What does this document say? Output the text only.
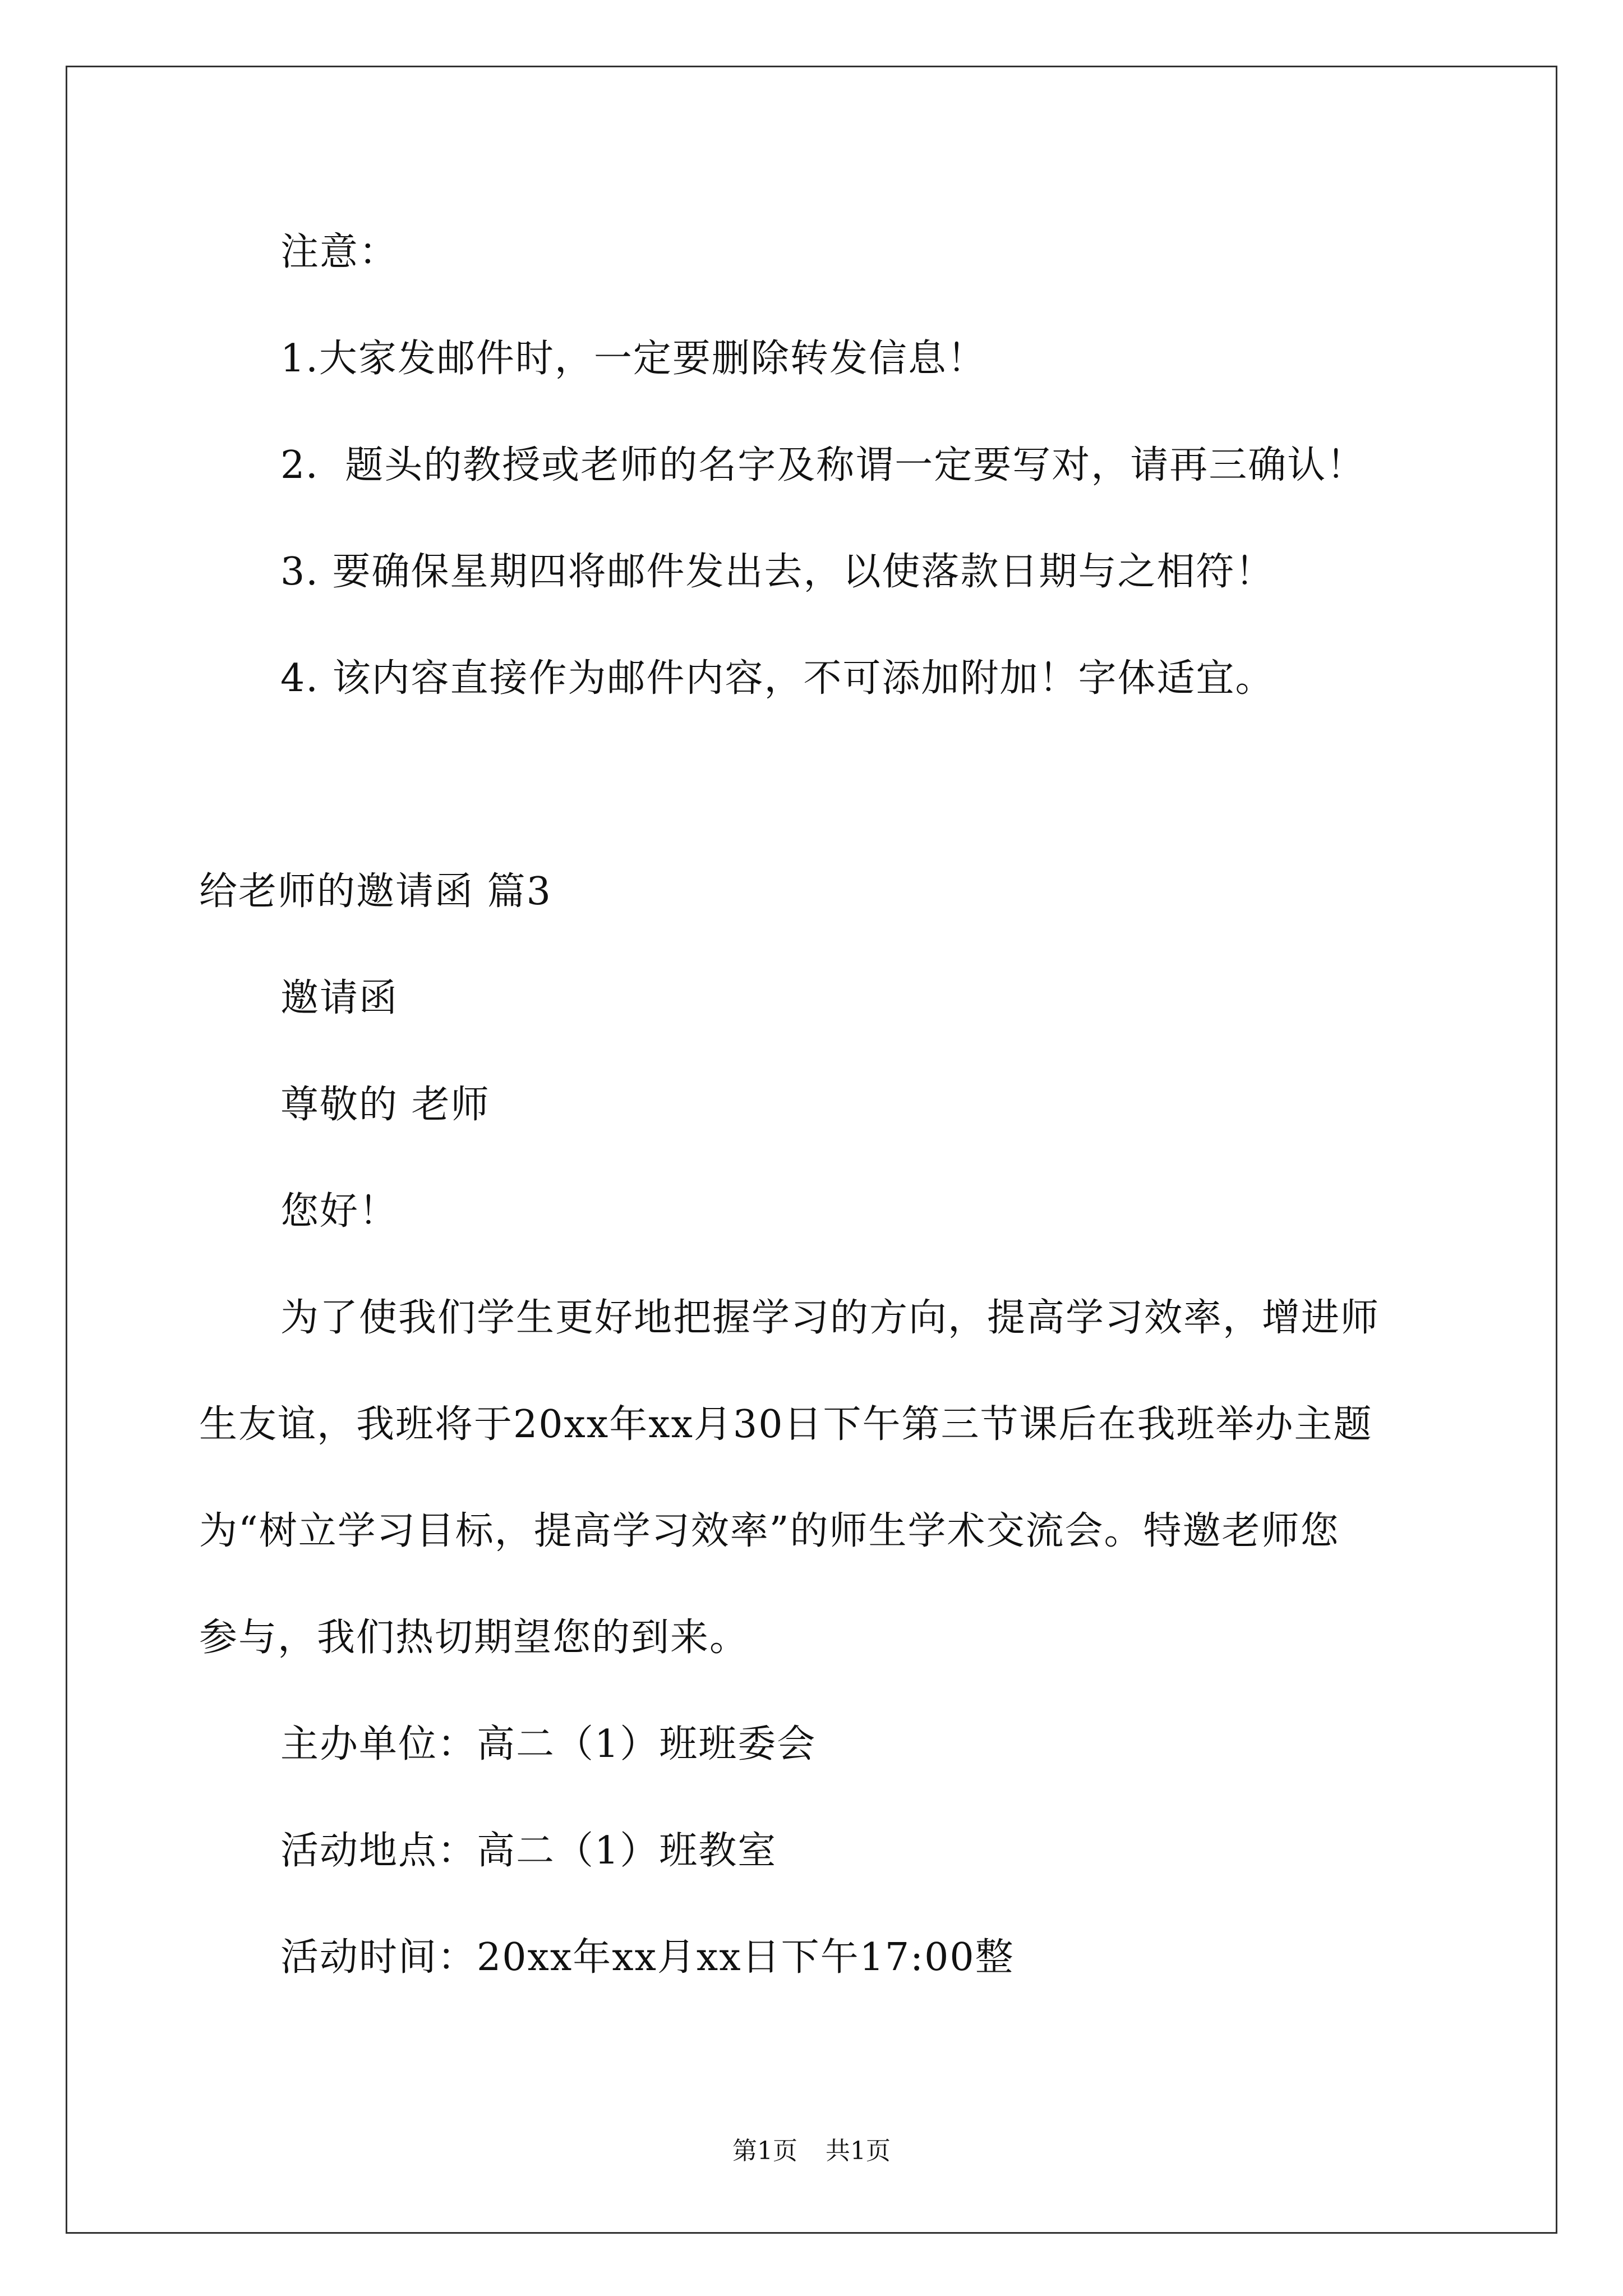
注意：
1.大家发邮件时，一定要删除转发信息！
2．题头的教授或老师的名字及称谓一定要写对，请再三确认！
3. 要确保星期四将邮件发出去，以使落款日期与之相符！
4. 该内容直接作为邮件内容，不可添加附加！字体适宜。
给老师的邀请函 篇3
邀请函
尊敬的 老师
您好！
为了使我们学生更好地把握学习的方向，提高学习效率，增进师
生友谊，我班将于20xx年xx月30日下午第三节课后在我班举办主题
为“树立学习目标，提高学习效率”的师生学术交流会。特邀老师您
参与，我们热切期望您的到来。
主办单位：高二（1）班班委会
活动地点：高二（1）班教室
活动时间：20xx年xx月xx日下午17:00整
第1页 共1页
